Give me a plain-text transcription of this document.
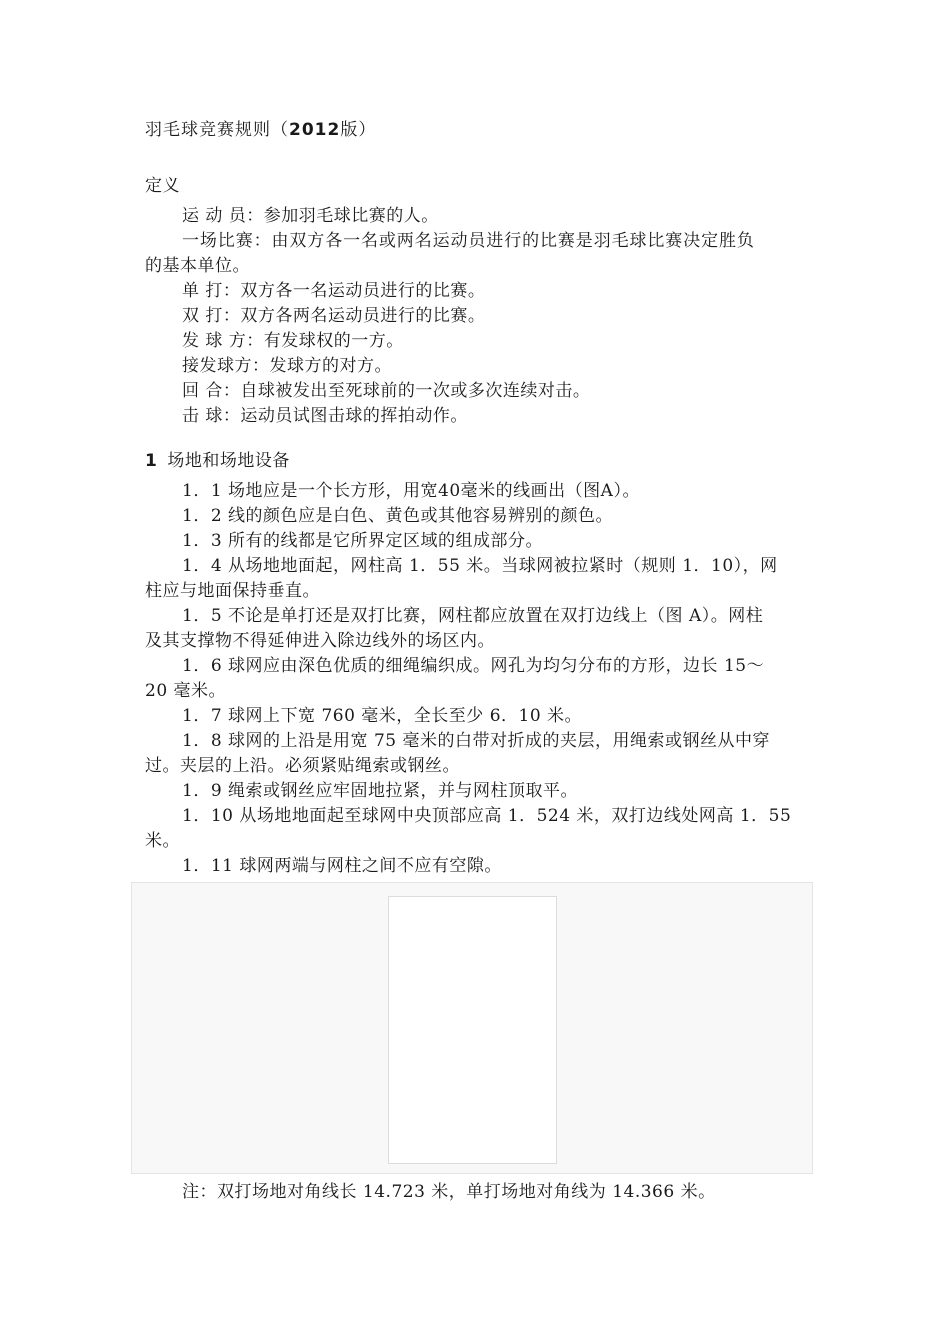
羽毛球竞赛规则（2012版）
定义
运 动 员：参加羽毛球比赛的人。
一场比赛：由双方各一名或两名运动员进行的比赛是羽毛球比赛决定胜负
的基本单位。
单 打：双方各一名运动员进行的比赛。
双 打：双方各两名运动员进行的比赛。
发 球 方：有发球权的一方。
接发球方：发球方的对方。
回 合：自球被发出至死球前的一次或多次连续对击。
击 球：运动员试图击球的挥拍动作。
1 场地和场地设备
1．1 场地应是一个长方形，用宽40毫米的线画出（图A）。
1．2 线的颜色应是白色、黄色或其他容易辨别的颜色。
1．3 所有的线都是它所界定区域的组成部分。
1．4 从场地地面起，网柱高 1．55 米。当球网被拉紧时（规则 1．10），网
柱应与地面保持垂直。
1．5 不论是单打还是双打比赛，网柱都应放置在双打边线上（图 A）。网柱
及其支撑物不得延伸进入除边线外的场区内。
1．6 球网应由深色优质的细绳编织成。网孔为均匀分布的方形，边长 15～
20 毫米。
1．7 球网上下宽 760 毫米，全长至少 6．10 米。
1．8 球网的上沿是用宽 75 毫米的白带对折成的夹层，用绳索或钢丝从中穿
过。夹层的上沿。必须紧贴绳索或钢丝。
1．9 绳索或钢丝应牢固地拉紧，并与网柱顶取平。
1．10 从场地地面起至球网中央顶部应高 1．524 米，双打边线处网高 1．55
米。
1．11 球网两端与网柱之间不应有空隙。
注：双打场地对角线长 14.723 米，单打场地对角线为 14.366 米。
